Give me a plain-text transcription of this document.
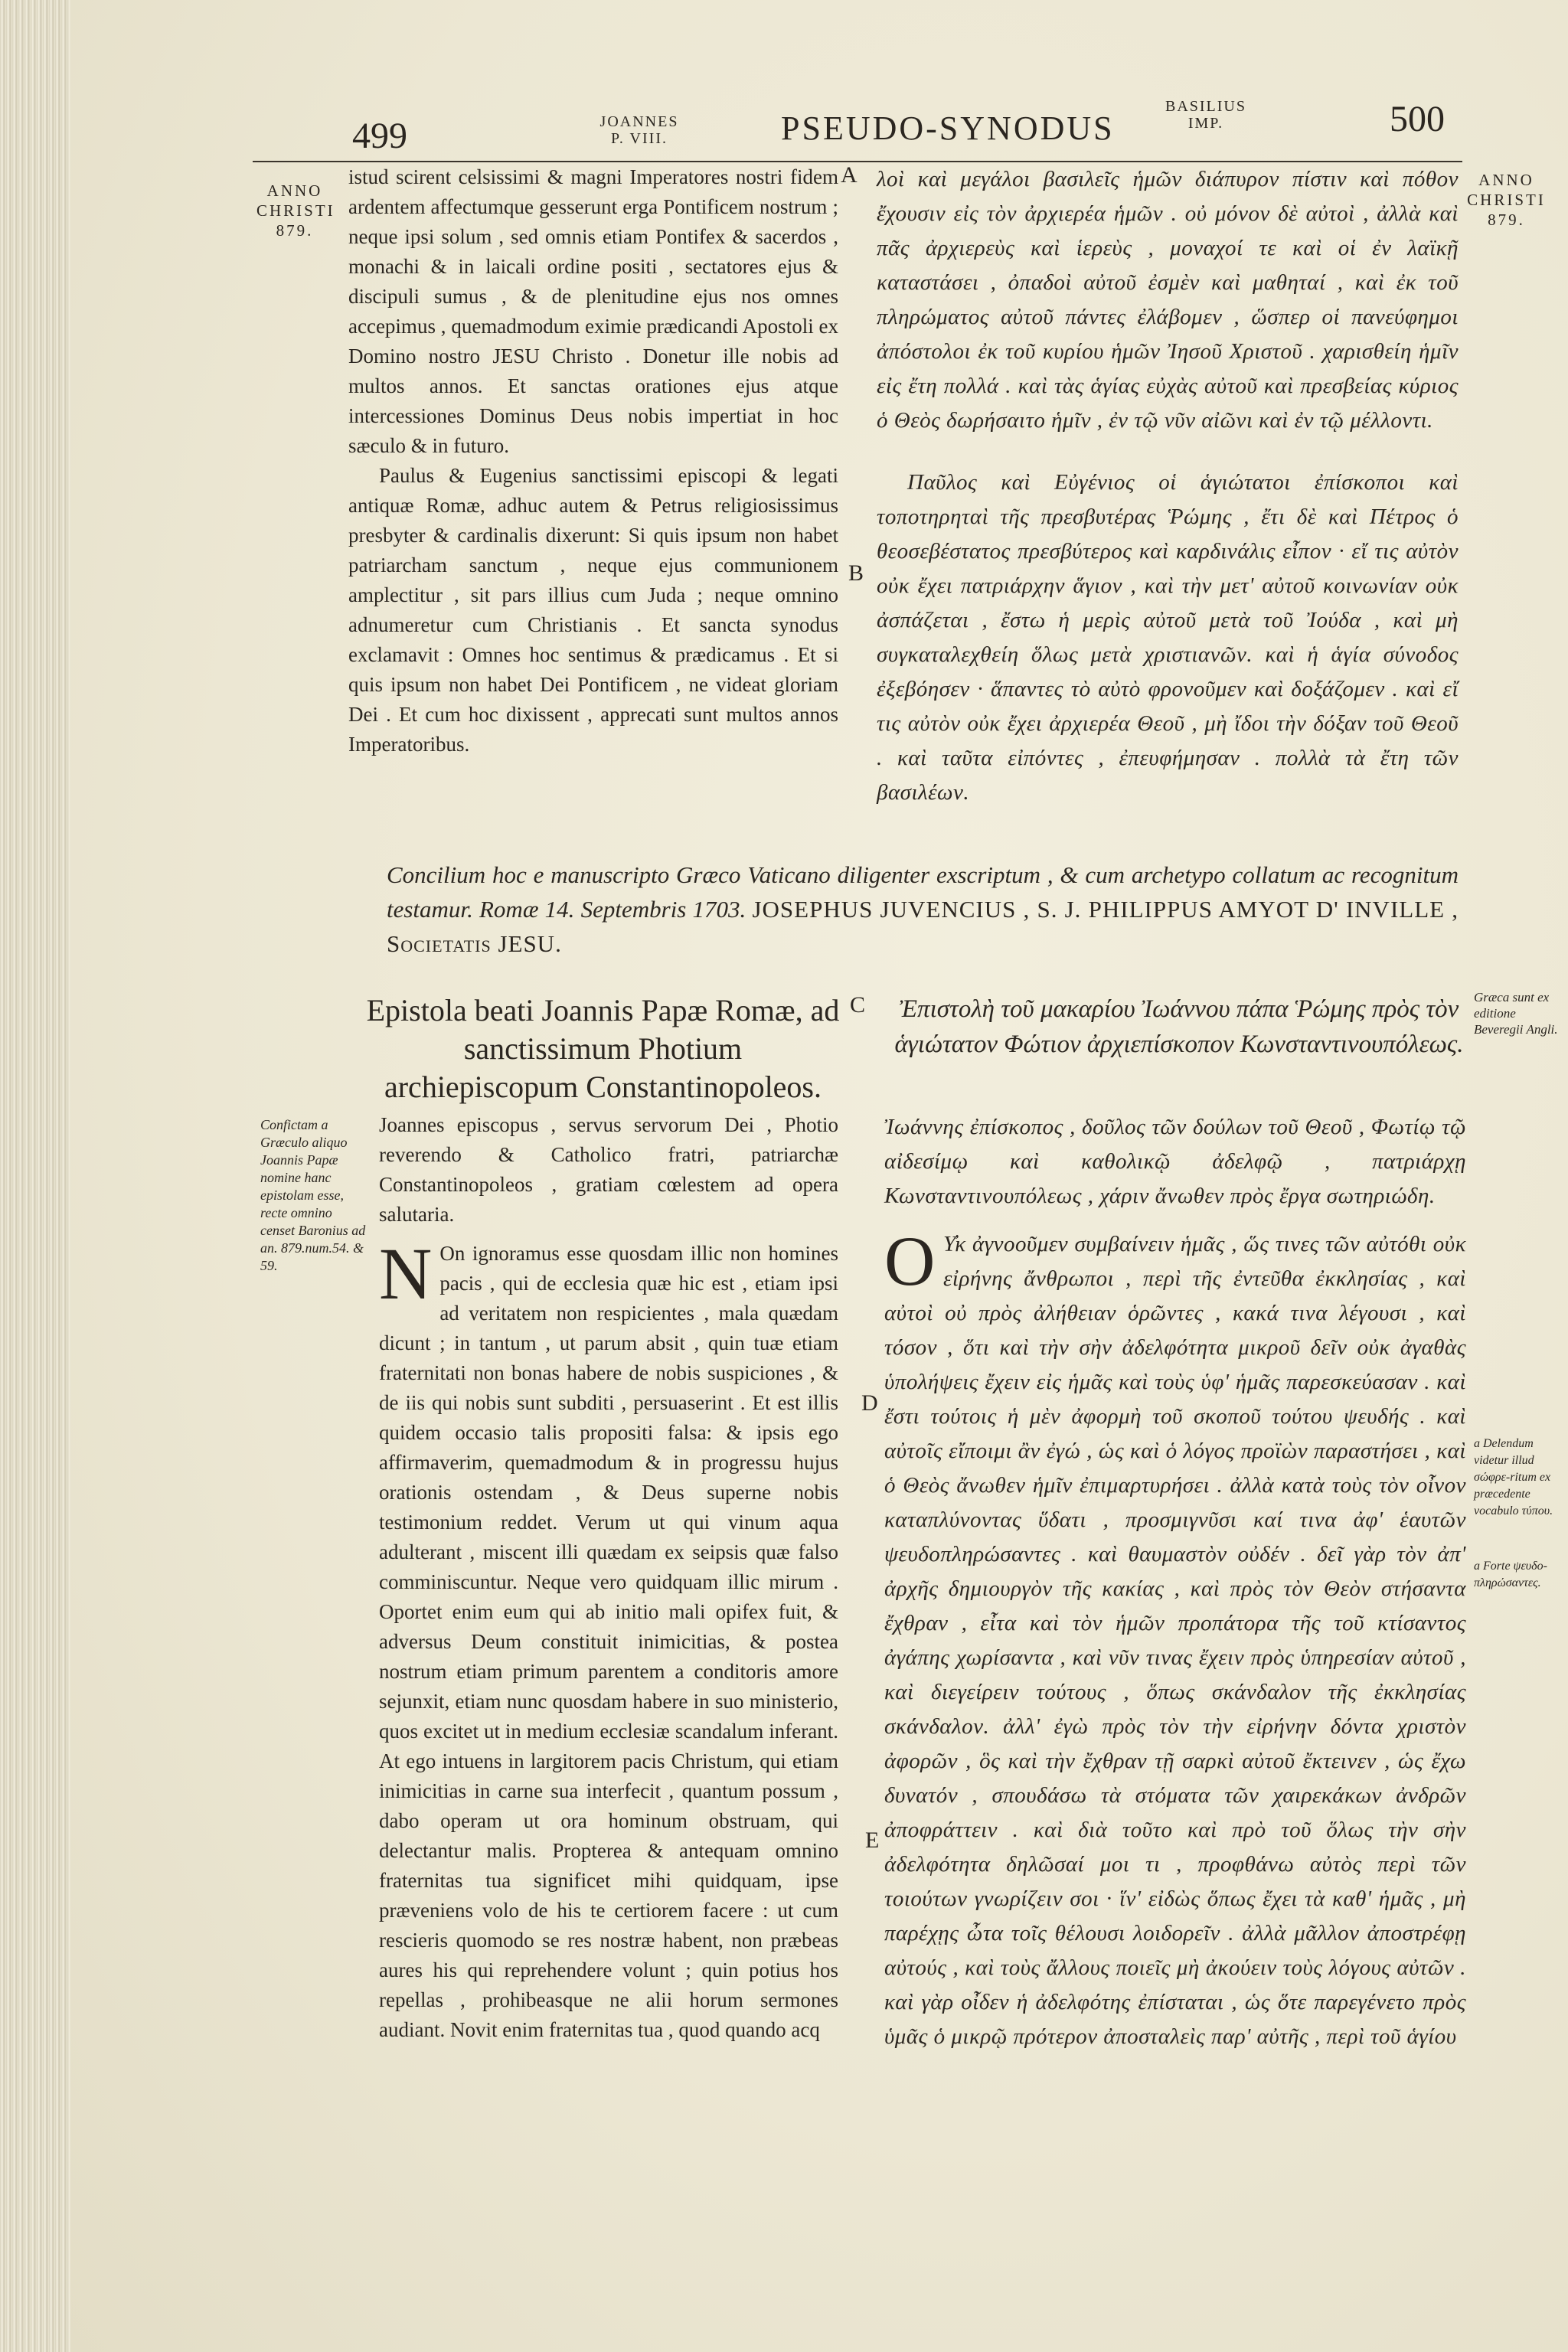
499	JOANNES
P. VIII.	PSEUDO-SYNODUS
BASILIUS
IMP.	500
ANNO
CHRISTI
879.
ANNO
CHRISTI
879.
A
B
C
D
E

istud scirent celsissimi & magni Imperatores nostri fidem ardentem affectumque gesserunt erga Pontificem nostrum ; neque ipsi solum , sed omnis etiam Pontifex & sacerdos , monachi & in laicali ordine positi , sectatores ejus & discipuli sumus , & de plenitudine ejus nos omnes accepimus , quemadmodum eximie prædicandi Apostoli ex Domino nostro JESU Christo . Donetur ille nobis ad multos annos. Et sanctas orationes ejus atque intercessiones Dominus Deus nobis impertiat in hoc sæculo & in futuro.

Paulus & Eugenius sanctissimi episcopi & legati antiquæ Romæ, adhuc autem & Petrus religiosissimus presbyter & cardinalis dixerunt: Si quis ipsum non habet patriarcham sanctum , neque ejus communionem amplectitur , sit pars illius cum Juda ; neque omnino adnumeretur cum Christianis . Et sancta synodus exclamavit : Omnes hoc sentimus & prædicamus . Et si quis ipsum non habet Dei Pontificem , ne videat gloriam Dei . Et cum hoc dixissent , apprecati sunt multos annos Imperatoribus.

λοὶ καὶ μεγάλοι βασιλεῖς ἡμῶν διάπυρον πίστιν καὶ πόθον ἔχουσιν εἰς τὸν ἀρχιερέα ἡμῶν . οὐ μόνον δὲ αὐτοὶ , ἀλλὰ καὶ πᾶς ἀρχιερεὺς καὶ ἱερεὺς , μοναχοί τε καὶ οἱ ἐν λαϊκῇ καταστάσει , ὀπαδοὶ αὐτοῦ ἐσμὲν καὶ μαθηταί , καὶ ἐκ τοῦ πληρώματος αὐτοῦ πάντες ἐλάβομεν , ὥσπερ οἱ πανεύφημοι ἀπόστολοι ἐκ τοῦ κυρίου ἡμῶν Ἰησοῦ Χριστοῦ . χαρισθείη ἡμῖν εἰς ἔτη πολλά . καὶ τὰς ἁγίας εὐχὰς αὐτοῦ καὶ πρεσβείας κύριος ὁ Θεὸς δωρήσαιτο ἡμῖν , ἐν τῷ νῦν αἰῶνι καὶ ἐν τῷ μέλλοντι.

Παῦλος καὶ Εὐγένιος οἱ ἁγιώτατοι ἐπίσκοποι καὶ τοποτηρηταὶ τῆς πρεσβυτέρας Ῥώμης , ἔτι δὲ καὶ Πέτρος ὁ θεοσεβέστατος πρεσβύτερος καὶ καρδινάλις εἶπον · εἴ τις αὐτὸν οὐκ ἔχει πατριάρχην ἅγιον , καὶ τὴν μετ' αὐτοῦ κοινωνίαν οὐκ ἀσπάζεται , ἔστω ἡ μερὶς αὐτοῦ μετὰ τοῦ Ἰούδα , καὶ μὴ συγκαταλεχθείη ὅλως μετὰ χριστιανῶν. καὶ ἡ ἁγία σύνοδος ἐξεβόησεν · ἅπαντες τὸ αὐτὸ φρονοῦμεν καὶ δοξάζομεν . καὶ εἴ τις αὐτὸν οὐκ ἔχει ἀρχιερέα Θεοῦ , μὴ ἴδοι τὴν δόξαν τοῦ Θεοῦ . καὶ ταῦτα εἰπόντες , ἐπευφήμησαν . πολλὰ τὰ ἔτη τῶν βασιλέων.

Concilium hoc e manuscripto Græco Vaticano diligenter exscriptum , & cum archetypo collatum ac recognitum testamur. Romæ 14. Septembris 1703. JOSEPHUS JUVENCIUS , S. J. PHILIPPUS AMYOT D' INVILLE , Societatis JESU.
Epistola beati Joannis Papæ Romæ, ad sanctissimum Photium archiepiscopum Constantinopoleos.
Ἐπιστολὴ τοῦ μακαρίου Ἰωάννου πάπα Ῥώμης πρὸς τὸν ἁγιώτατον Φώτιον ἀρχιεπίσκοπον Κωνσταντινουπόλεως.
Græca sunt ex editione Beveregii Angli.
a Delendum videtur illud σώφρε-ritum ex præcedente vocabulo τύπου.
a Forte ψευδο-πληρώσαντες.
Confictam a Græculo aliquo Joannis Papæ nomine hanc epistolam esse, recte omnino censet Baronius ad an. 879.num.54. & 59.

Joannes episcopus , servus servorum Dei , Photio reverendo & Catholico fratri, patriarchæ Constantinopoleos , gratiam cœlestem ad opera salutaria.

N On ignoramus esse quosdam illic non homines pacis , qui de ecclesia quæ hic est , etiam ipsi ad veritatem non respicientes , mala quædam dicunt ; in tantum , ut parum absit , quin tuæ etiam fraternitati non bonas habere de nobis suspiciones , & de iis qui nobis sunt subditi , persuaserint . Et est illis quidem occasio talis propositi falsa: & ipsis ego affirmaverim, quemadmodum & in progressu hujus orationis ostendam , & Deus superne nobis testimonium reddet. Verum ut qui vinum aqua adulterant , miscent illi quædam ex seipsis quæ falso comminiscuntur. Neque vero quidquam illic mirum . Oportet enim eum qui ab initio mali opifex fuit, & adversus Deum constituit inimicitias, & postea nostrum etiam primum parentem a conditoris amore sejunxit, etiam nunc quosdam habere in suo ministerio, quos excitet ut in medium ecclesiæ scandalum inferant. At ego intuens in largitorem pacis Christum, qui etiam inimicitias in carne sua interfecit , quantum possum , dabo operam ut ora hominum obstruam, qui delectantur malis. Propterea & antequam omnino fraternitas tua significet mihi quidquam, ipse præveniens volo de his te certiorem facere : ut cum rescieris quomodo se res nostræ habent, non præbeas aures his qui reprehendere volunt ; quin potius hos repellas , prohibeasque ne alii horum sermones audiant. Novit enim fraternitas tua , quod quando acq

Ἰωάννης ἐπίσκοπος , δοῦλος τῶν δούλων τοῦ Θεοῦ , Φωτίῳ τῷ αἰδεσίμῳ καὶ καθολικῷ ἀδελφῷ , πατριάρχῃ Κωνσταντινουπόλεως , χάριν ἄνωθεν πρὸς ἔργα σωτηριώδη.

O Υ̓κ ἀγνοοῦμεν συμβαίνειν ἡμᾶς , ὥς τινες τῶν αὐτόθι οὐκ εἰρήνης ἄνθρωποι , περὶ τῆς ἐντεῦθα ἐκκλησίας , καὶ αὐτοὶ οὐ πρὸς ἀλήθειαν ὁρῶντες , κακά τινα λέγουσι , καὶ τόσον , ὅτι καὶ τὴν σὴν ἀδελφότητα μικροῦ δεῖν οὐκ ἀγαθὰς ὑπολήψεις ἔχειν εἰς ἡμᾶς καὶ τοὺς ὑφ' ἡμᾶς παρεσκεύασαν . καὶ ἔστι τούτοις ἡ μὲν ἀφορμὴ τοῦ σκοποῦ τούτου ψευδής . καὶ αὐτοῖς εἴποιμι ἂν ἐγώ , ὡς καὶ ὁ λόγος προϊὼν παραστήσει , καὶ ὁ Θεὸς ἄνωθεν ἡμῖν ἐπιμαρτυρήσει . ἀλλὰ κατὰ τοὺς τὸν οἶνον καταπλύνοντας ὕδατι , προσμιγνῦσι καί τινα ἀφ' ἑαυτῶν ψευδοπληρώσαντες . καὶ θαυμαστὸν οὐδέν . δεῖ γὰρ τὸν ἀπ' ἀρχῆς δημιουργὸν τῆς κακίας , καὶ πρὸς τὸν Θεὸν στήσαντα ἔχθραν , εἶτα καὶ τὸν ἡμῶν προπάτορα τῆς τοῦ κτίσαντος ἀγάπης χωρίσαντα , καὶ νῦν τινας ἔχειν πρὸς ὑπηρεσίαν αὐτοῦ , καὶ διεγείρειν τούτους , ὅπως σκάνδαλον τῆς ἐκκλησίας σκάνδαλον. ἀλλ' ἐγὼ πρὸς τὸν τὴν εἰρήνην δόντα χριστὸν ἀφορῶν , ὃς καὶ τὴν ἔχθραν τῇ σαρκὶ αὐτοῦ ἔκτεινεν , ὡς ἔχω δυνατόν , σπουδάσω τὰ στόματα τῶν χαιρεκάκων ἀνδρῶν ἀποφράττειν . καὶ διὰ τοῦτο καὶ πρὸ τοῦ ὅλως τὴν σὴν ἀδελφότητα δηλῶσαί μοι τι , προφθάνω αὐτὸς περὶ τῶν τοιούτων γνωρίζειν σοι · ἵν' εἰδὼς ὅπως ἔχει τὰ καθ' ἡμᾶς , μὴ παρέχῃς ὦτα τοῖς θέλουσι λοιδορεῖν . ἀλλὰ μᾶλλον ἀποστρέφῃ αὐτούς , καὶ τοὺς ἄλλους ποιεῖς μὴ ἀκούειν τοὺς λόγους αὐτῶν . καὶ γὰρ οἶδεν ἡ ἀδελφότης ἐπίσταται , ὡς ὅτε παρεγένετο πρὸς ὑμᾶς ὁ μικρῷ πρότερον ἀποσταλεὶς παρ' αὐτῆς , περὶ τοῦ ἁγίου
